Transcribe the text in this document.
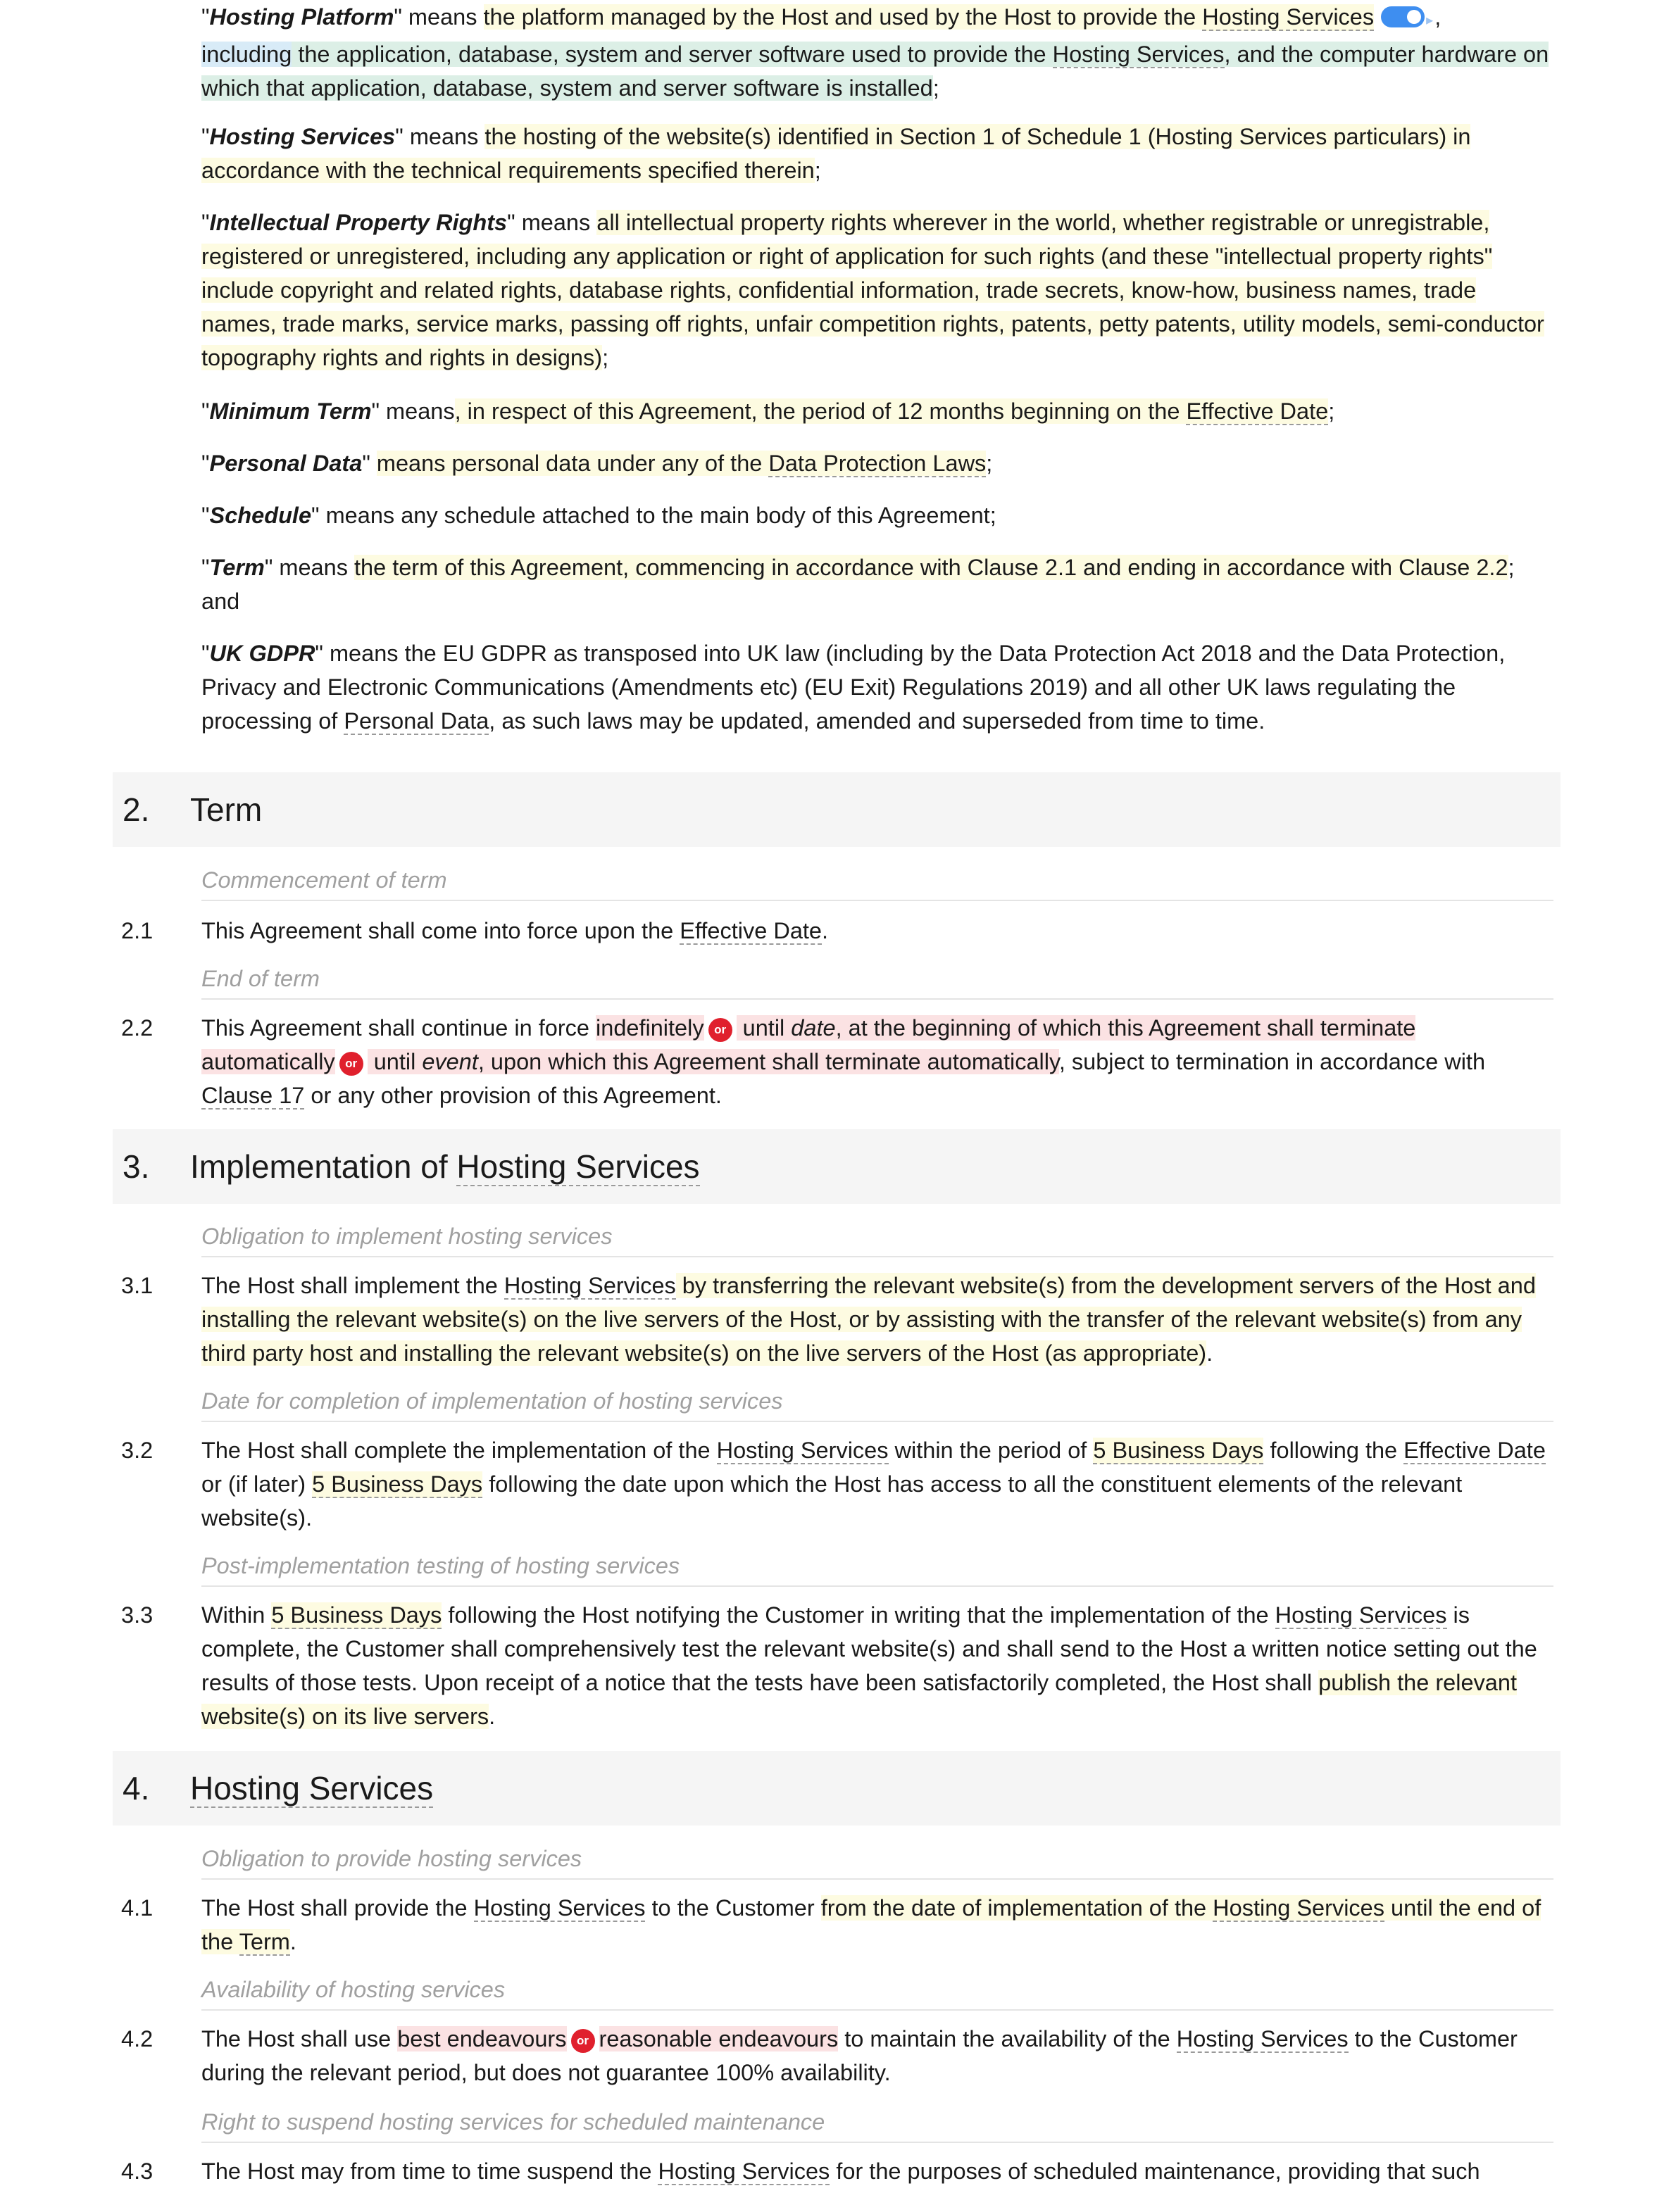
"Hosting Platform" means the platform managed by the Host and used by the Host to provide the Hosting Services	▸,
including the application, database, system and server software used to provide the Hosting Services, and the computer hardware on which that application, database, system and server software is installed;

"Hosting Services" means the hosting of the website(s) identified in Section 1 of Schedule 1 (Hosting Services particulars) in accordance with the technical requirements specified therein;

"Intellectual Property Rights" means all intellectual property rights wherever in the world, whether registrable or unregistrable, registered or unregistered, including any application or right of application for such rights (and these "intellectual property rights" include copyright and related rights, database rights, confidential information, trade secrets, know-how, business names, trade names, trade marks, service marks, passing off rights, unfair competition rights, patents, petty patents, utility models, semi-conductor topography rights and rights in designs);

"Minimum Term" means, in respect of this Agreement, the period of 12 months beginning on the Effective Date;

"Personal Data" means personal data under any of the Data Protection Laws;

"Schedule" means any schedule attached to the main body of this Agreement;

"Term" means the term of this Agreement, commencing in accordance with Clause 2.1 and ending in accordance with Clause 2.2; and

"UK GDPR" means the EU GDPR as transposed into UK law (including by the Data Protection Act 2018 and the Data Protection, Privacy and Electronic Communications (Amendments etc) (EU Exit) Regulations 2019) and all other UK laws regulating the processing of Personal Data, as such laws may be updated, amended and superseded from time to time.

2. Term
Commencement of term
2.1 This Agreement shall come into force upon the Effective Date.
End of term
2.2 This Agreement shall continue in force indefinitely or until date, at the beginning of which this Agreement shall terminate automatically or until event, upon which this Agreement shall terminate automatically, subject to termination in accordance with Clause 17 or any other provision of this Agreement.
3. Implementation of Hosting Services
Obligation to implement hosting services
3.1 The Host shall implement the Hosting Services by transferring the relevant website(s) from the development servers of the Host and installing the relevant website(s) on the live servers of the Host, or by assisting with the transfer of the relevant website(s) from any third party host and installing the relevant website(s) on the live servers of the Host (as appropriate).
Date for completion of implementation of hosting services
3.2 The Host shall complete the implementation of the Hosting Services within the period of 5 Business Days following the Effective Date or (if later) 5 Business Days following the date upon which the Host has access to all the constituent elements of the relevant website(s).
Post-implementation testing of hosting services
3.3 Within 5 Business Days following the Host notifying the Customer in writing that the implementation of the Hosting Services is complete, the Customer shall comprehensively test the relevant website(s) and shall send to the Host a written notice setting out the results of those tests. Upon receipt of a notice that the tests have been satisfactorily completed, the Host shall publish the relevant website(s) on its live servers.
4. Hosting Services
Obligation to provide hosting services
4.1 The Host shall provide the Hosting Services to the Customer from the date of implementation of the Hosting Services until the end of the Term.
Availability of hosting services
4.2 The Host shall use best endeavours or reasonable endeavours to maintain the availability of the Hosting Services to the Customer during the relevant period, but does not guarantee 100% availability.
Right to suspend hosting services for scheduled maintenance
4.3 The Host may from time to time suspend the Hosting Services for the purposes of scheduled maintenance, providing that such
